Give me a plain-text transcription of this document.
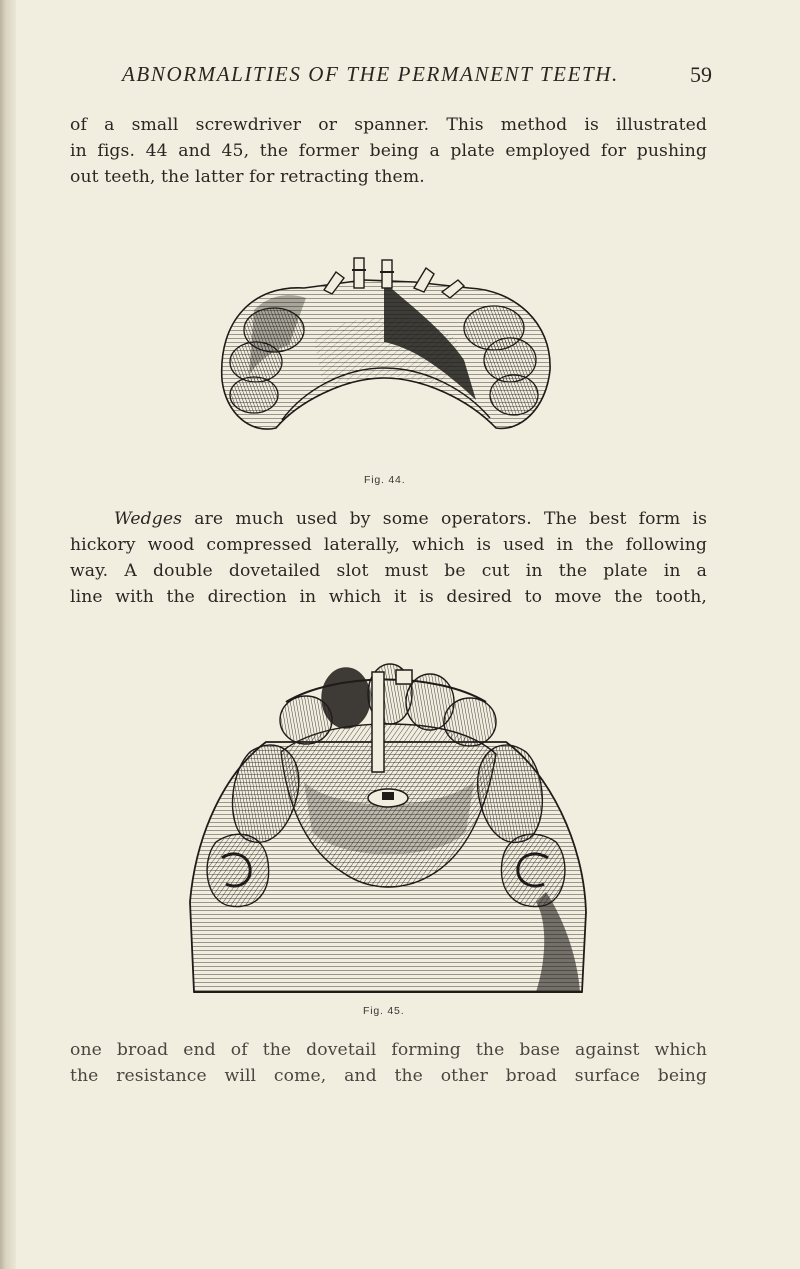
ABNORMALITIES OF THE PERMANENT TEETH.	59

of a small screwdriver or spanner. This method is illustrated
in figs. 44 and 45, the former being a plate employed for pushing
out teeth, the latter for retracting them.

Fig. 44.

Wedges are much used by some operators. The best form is
hickory wood compressed laterally, which is used in the following
way. A double dovetailed slot must be cut in the plate in a
line with the direction in which it is desired to move the tooth,

Fig. 45.

one broad end of the dovetail forming the base against which
the resistance will come, and the other broad surface being
